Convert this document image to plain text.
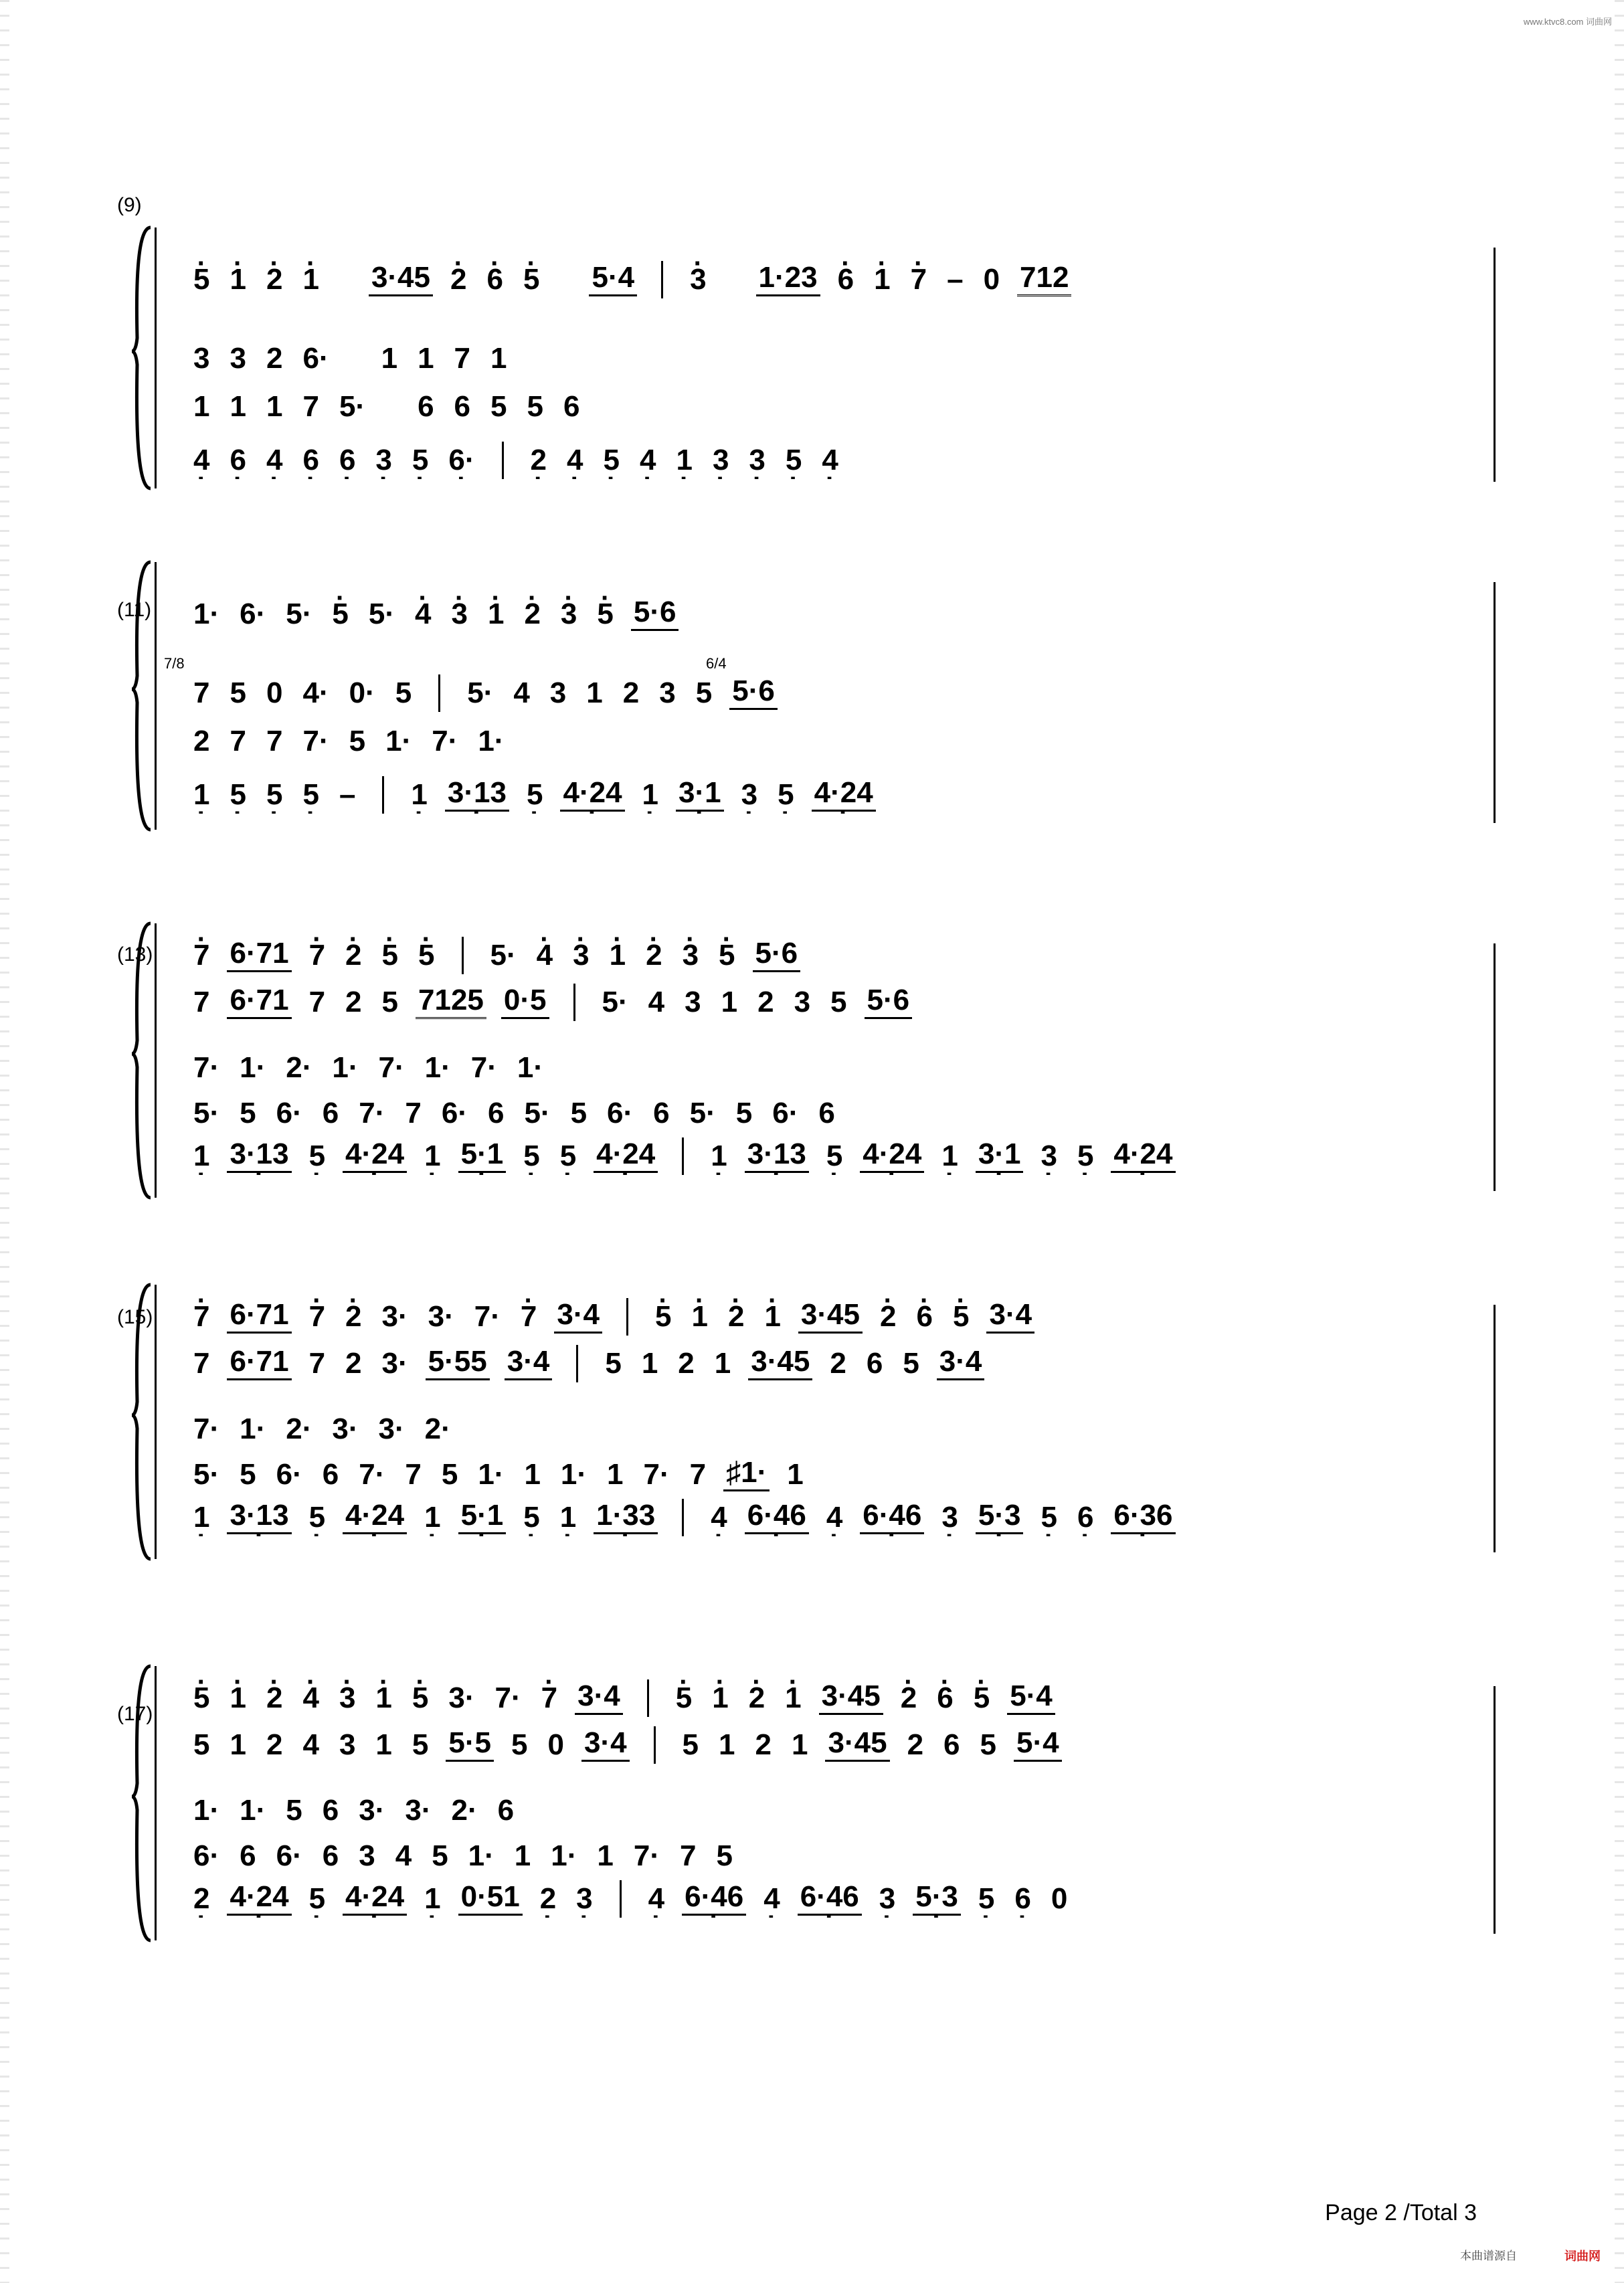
www.ktvc8.com 词曲网
(9)
· 5 · 1 · 2 · 1 3·45 · 2 · 6 · 5 5·4 · 3 1·23 · 6 · 1 · 7 – 0 712
3 3 2 6· 1 1 7 1
1 1 1 7 5· 6 6 5 5 6
4 · 6 · 4 · 6 · 6 · 3 · 5 · 6· · 2 · 4 · 5 · 4 · 1 · 3 · 3 · 5 · 4 ·
(11)
7/8	6/4
1· 6· 5· · 5 5· · 4 · 3 · 1 · 2 · 3 · 5 5·6
7 5 0 4· 0· 5 5· 4 3 1 2 3 5 5·6
2 7 7 7· 5 1· 7· 1·
1 · 5 · 5 · 5 · – 1 · 3·13 · 5 · 4·24 · 1 · 3·1 · 3 · 5 · 4·24 ·
(13) · 7 6·71 · 7 · 2 · 5 · 5 5· · 4 · 3 · 1 · 2 · 3 · 5 5·6
7 6·71 7 2 5 7125 0·5 5· 4 3 1 2 3 5 5·6
7· 1· 2· 1· 7· 1· 7· 1·
5· 5 6· 6 7· 7 6· 6 5· 5 6· 6 5· 5 6· 6
1 · 3·13 · 5 · 4·24 · 1 · 5·1 · 5 · 5 · 4·24 · 1 · 3·13 · 5 · 4·24 · 1 · 3·1 · 3 · 5 · 4·24 ·
(15) · 7 6·71 · 7 · 2 3· 3· 7· · 7 3·4 · 5 · 1 · 2 · 1 3·45 · 2 · 6 · 5 3·4
7 6·71 7 2 3· 5·55 3·4 5 1 2 1 3·45 2 6 5 3·4
7· 1· 2· 3· 3· 2·
5· 5 6· 6 7· 7 5 1· 1 1· 1 7· 7 ♯1· 1
1 · 3·13 · 5 · 4·24 · 1 · 5·1 · 5 · 1 · 1·33 · 4 · 6·46 · 4 · 6·46 · 3 · 5·3 · 5 · 6 · 6·36 ·
(17) · 5 · 1 · 2 · 4 · 3 · 1 · 5 3· 7· · 7 3·4 · 5 · 1 · 2 · 1 3·45 · 2 · 6 · 5 5·4
5 1 2 4 3 1 5 5·5 5 0 3·4 5 1 2 1 3·45 2 6 5 5·4
1· 1· 5 6 3· 3· 2· 6
6· 6 6· 6 3 4 5 1· 1 1· 1 7· 7 5
2 · 4·24 · 5 · 4·24 · 1 · 0·51 2 · 3 · 4 · 6·46 · 4 · 6·46 · 3 · 5·3 · 5 · 6 · 0
Page 2 /Total 3
本曲谱源自	词曲网
